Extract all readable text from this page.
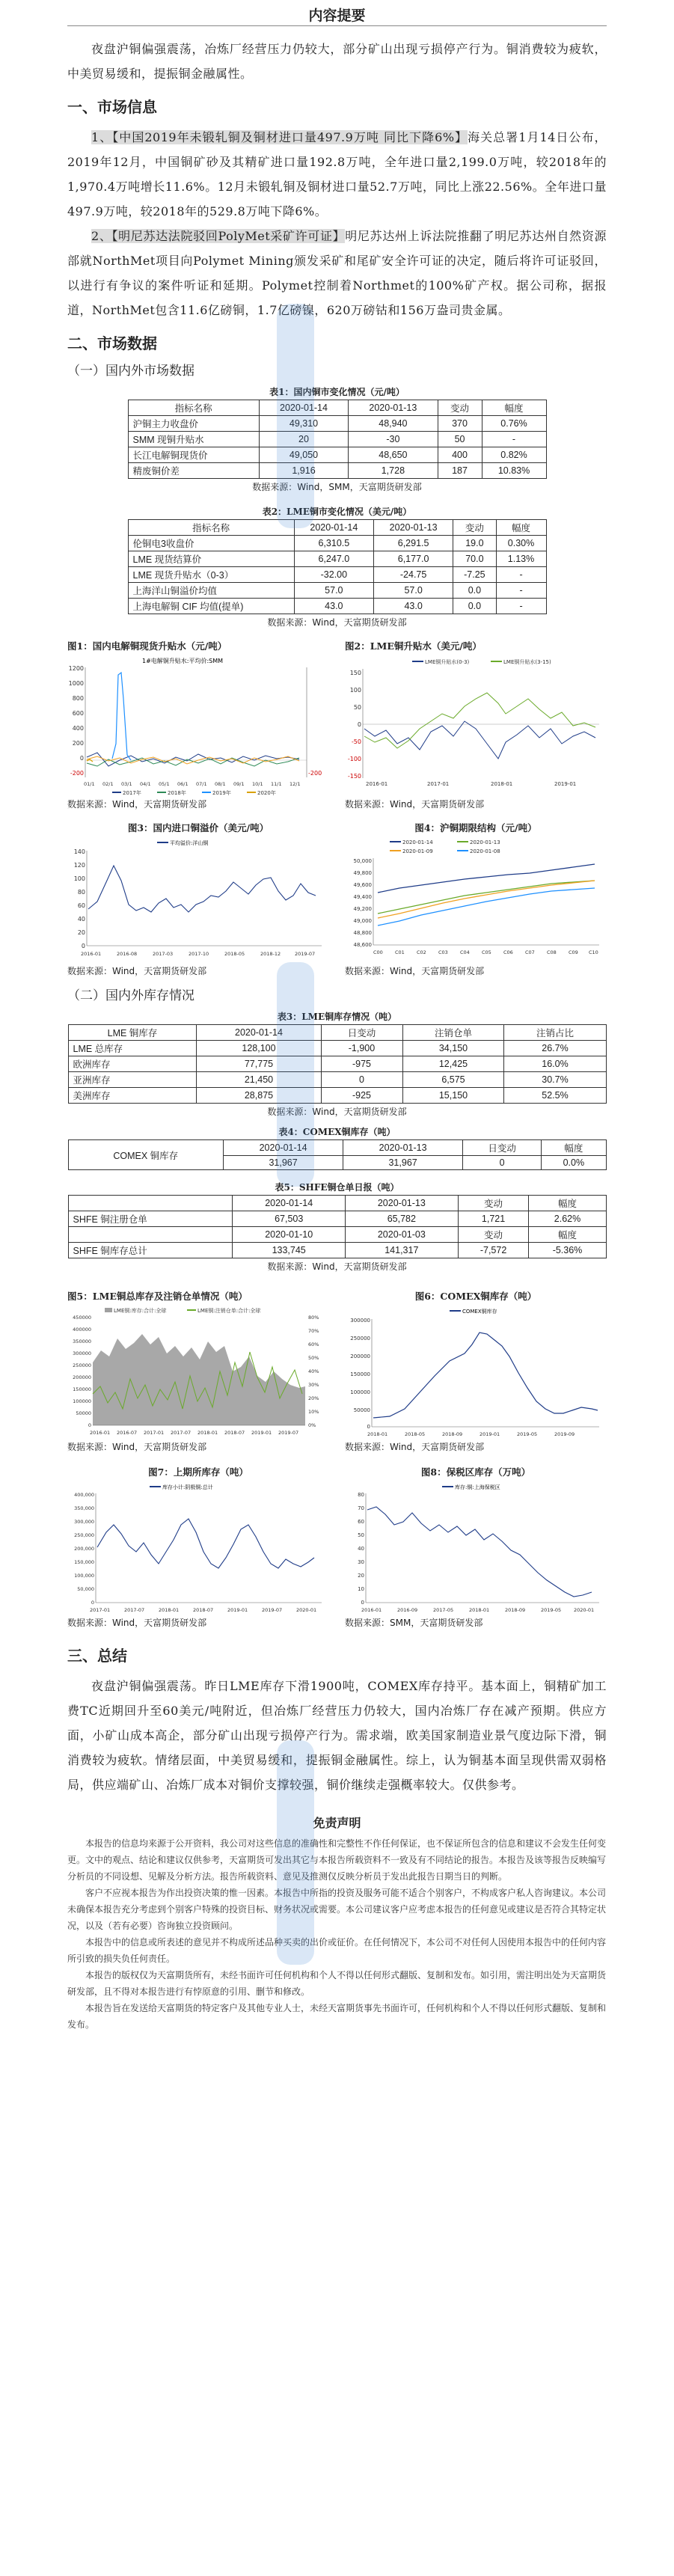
内容提要

夜盘沪铜偏强震荡，冶炼厂经营压力仍较大，部分矿山出现亏损停产行为。铜消费较为疲软，中美贸易缓和，提振铜金融属性。

一、市场信息

1、【中国2019年未锻轧铜及铜材进口量497.9万吨 同比下降6%】海关总署1月14日公布，2019年12月，中国铜矿砂及其精矿进口量192.8万吨，全年进口量2,199.0万吨，较2018年的1,970.4万吨增长11.6%。12月未锻轧铜及铜材进口量52.7万吨，同比上涨22.56%。全年进口量497.9万吨，较2018年的529.8万吨下降6%。

2、【明尼苏达法院驳回PolyMet采矿许可证】明尼苏达州上诉法院推翻了明尼苏达州自然资源部就NorthMet项目向Polymet Mining颁发采矿和尾矿安全许可证的决定，随后将许可证驳回，以进行有争议的案件听证和延期。Polymet控制着Northmet的100%矿产权。据公司称，据报道，NorthMet包含11.6亿磅铜，1.7亿磅镍，620万磅钴和156万盎司贵金属。

二、市场数据
（一）国内外市场数据
表1：国内铜市变化情况（元/吨）
指标名称	2020-01-14	2020-01-13	变动	幅度
沪铜主力收盘价	49,310	48,940	370	0.76%
SMM 现铜升贴水	20	-30	50	-
长江电解铜现货价	49,050	48,650	400	0.82%
精废铜价差	1,916	1,728	187	10.83%
数据来源：Wind，SMM，天富期货研发部
表2：LME铜市变化情况（美元/吨）
指标名称	2020-01-14	2020-01-13	变动	幅度
伦铜电3收盘价	6,310.5	6,291.5	19.0	0.30%
LME 现货结算价	6,247.0	6,177.0	70.0	1.13%
LME 现货升贴水（0-3）	-32.00	-24.75	-7.25	-
上海洋山铜溢价均值	57.0	57.0	0.0	-
上海电解铜 CIF 均值(提单)	43.0	43.0	0.0	-
数据来源：Wind，天富期货研发部
图1：国内电解铜现货升贴水（元/吨）
1#电解铜升贴水:平均价:SMM
1200
1000
800
600
400
200
0
-200	-200
01/1 02/1 03/1 04/1 05/1 06/1 07/1 08/1 09/1 10/1 11/1 12/1
2017年	2018年	2019年	2020年
数据来源：Wind，天富期货研发部
图2：LME铜升贴水（美元/吨）
LME铜升贴水(0-3)	LME铜升贴水(3-15)
150
100
50
0
-50
-100
-150
2016-01	2017-01	2018-01	2019-01
数据来源：Wind，天富期货研发部
图3：国内进口铜溢价（美元/吨）
平均溢价:洋山铜
140
120
100
80
60
40
20
0
2016-01	2016-08	2017-03	2017-10	2018-05	2018-12	2019-07
数据来源：Wind，天富期货研发部
图4：沪铜期限结构（元/吨）
2020-01-14	2020-01-13
2020-01-09	2020-01-08
50,000
49,800
49,600
49,400
49,200
49,000
48,800
48,600
C00 C01 C02 C03 C04 C05 C06 C07 C08 C09 C10
数据来源：Wind，天富期货研发部
（二）国内外库存情况
表3：LME铜库存情况（吨）
LME 铜库存	2020-01-14	日变动	注销仓单	注销占比
LME 总库存	128,100	-1,900	34,150	26.7%
欧洲库存	77,775	-975	12,425	16.0%
亚洲库存	21,450	0	6,575	30.7%
美洲库存	28,875	-925	15,150	52.5%
数据来源：Wind，天富期货研发部
表4：COMEX铜库存（吨）
COMEX 铜库存	2020-01-14	2020-01-13	日变动	幅度
	31,967	31,967	0	0.0%
表5：SHFE铜仓单日报（吨）
	2020-01-14	2020-01-13	变动	幅度
SHFE 铜注册仓单	67,503	65,782	1,721	2.62%
	2020-01-10	2020-01-03	变动	幅度
SHFE 铜库存总计	133,745	141,317	-7,572	-5.36%
数据来源：Wind，天富期货研发部
图5：LME铜总库存及注销仓单情况（吨）
LME铜:库存:合计:全球	LME铜:注销仓单:合计:全球
450000
400000
350000
300000
250000
200000
150000
100000
50000
0
80%
70%
60%
50%
40%
30%
20%
10%
0%
2016-01 2016-07 2017-01 2017-07 2018-01 2018-07 2019-01 2019-07
数据来源：Wind，天富期货研发部
图6：COMEX铜库存（吨）
COMEX铜库存
300000
250000
200000
150000
100000
50000
0
2018-01	2018-05	2018-09	2019-01	2019-05	2019-09
数据来源：Wind，天富期货研发部
图7：上期所库存（吨）
库存小计:阴极铜:总计
400,000
350,000
300,000
250,000
200,000
150,000
100,000
50,000
0
2017-01	2017-07	2018-01	2018-07	2019-01	2019-07	2020-01
数据来源：Wind，天富期货研发部
图8：保税区库存（万吨）
库存:铜:上海保税区
80
70
60
50
40
30
20
10
0
2016-01	2016-09	2017-05	2018-01	2018-09	2019-05	2020-01
数据来源：SMM，天富期货研发部
三、总结

夜盘沪铜偏强震荡。昨日LME库存下滑1900吨，COMEX库存持平。基本面上，铜精矿加工费TC近期回升至60美元/吨附近，但冶炼厂经营压力仍较大，国内冶炼厂存在减产预期。供应方面，小矿山成本高企，部分矿山出现亏损停产行为。需求端，欧美国家制造业景气度边际下滑，铜消费较为疲软。情绪层面，中美贸易缓和，提振铜金融属性。综上，认为铜基本面呈现供需双弱格局，供应端矿山、冶炼厂成本对铜价支撑较强，铜价继续走强概率较大。仅供参考。

免责声明

本报告的信息均来源于公开资料，我公司对这些信息的准确性和完整性不作任何保证，也不保证所包含的信息和建议不会发生任何变更。文中的观点、结论和建议仅供参考，天富期货可发出其它与本报告所载资料不一致及有不同结论的报告。本报告及该等报告反映编写分析员的不同设想、见解及分析方法。报告所载资料、意见及推测仅反映分析员于发出此报告日期当日的判断。

客户不应视本报告为作出投资决策的惟一因素。本报告中所指的投资及服务可能不适合个别客户，不构成客户私人咨询建议。本公司未确保本报告充分考虑到个别客户特殊的投资目标、财务状况或需要。本公司建议客户应考虑本报告的任何意见或建议是否符合其特定状况，以及（若有必要）咨询独立投资顾问。

本报告中的信息或所表述的意见并不构成所述品种买卖的出价或征价。在任何情况下，本公司不对任何人因使用本报告中的任何内容所引致的损失负任何责任。

本报告的版权仅为天富期货所有，未经书面许可任何机构和个人不得以任何形式翻版、复制和发布。如引用，需注明出处为天富期货研发部，且不得对本报告进行有悖原意的引用、删节和修改。

本报告旨在发送给天富期货的特定客户及其他专业人士，未经天富期货事先书面许可，任何机构和个人不得以任何形式翻版、复制和发布。
